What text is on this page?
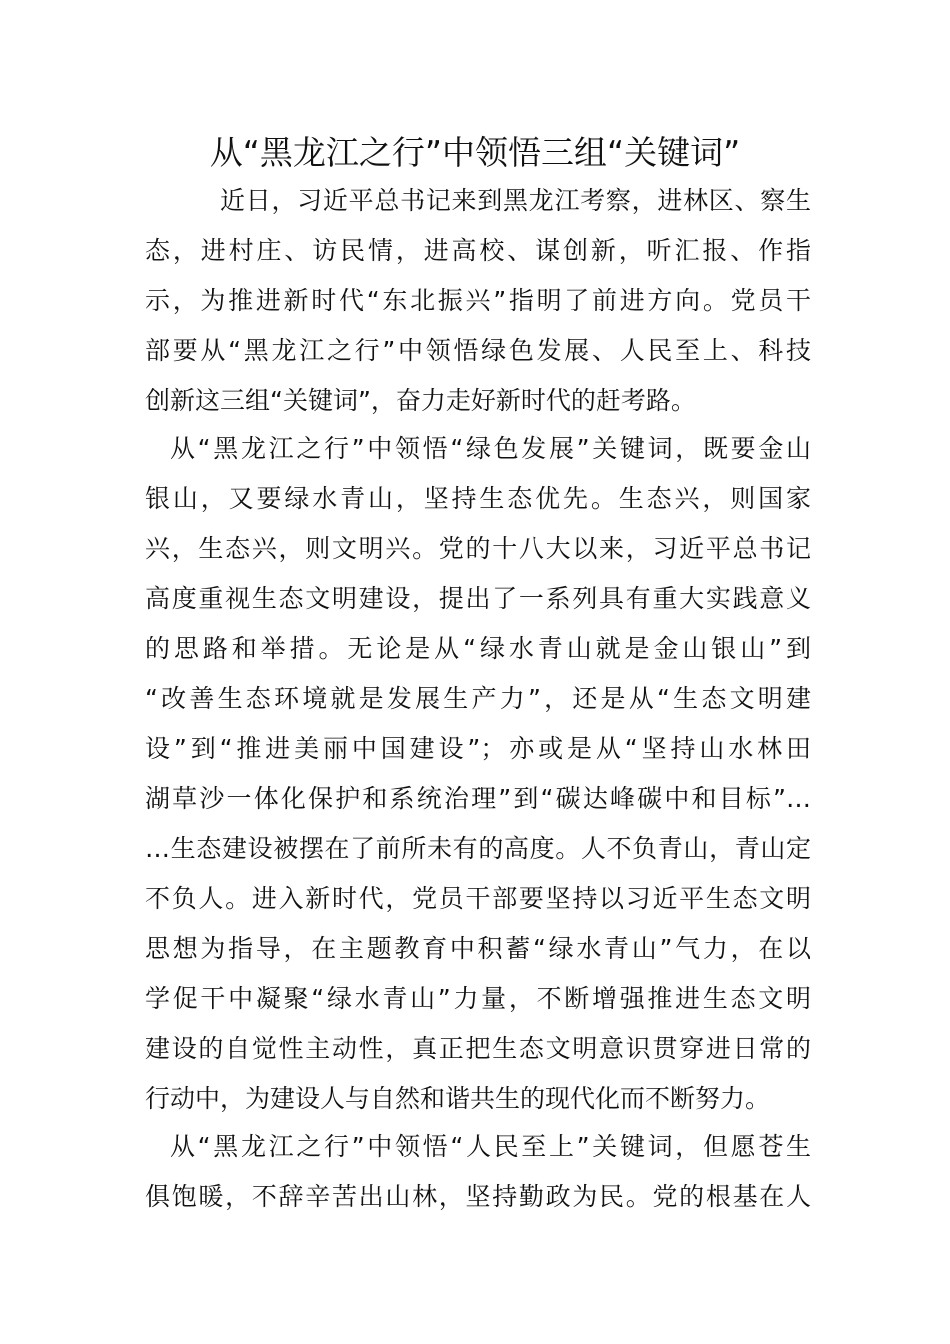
从“黑龙江之行”中领悟三组“关键词”
近日，习近平总书记来到黑龙江考察，进林区、察生
态，进村庄、访民情，进高校、谋创新，听汇报、作指
示，为推进新时代“东北振兴”指明了前进方向。党员干
部要从“黑龙江之行”中领悟绿色发展、人民至上、科技
创新这三组“关键词”，奋力走好新时代的赶考路。
从“黑龙江之行”中领悟“绿色发展”关键词，既要金山
银山，又要绿水青山，坚持生态优先。生态兴，则国家
兴，生态兴，则文明兴。党的十八大以来，习近平总书记
高度重视生态文明建设，提出了一系列具有重大实践意义
的思路和举措。无论是从“绿水青山就是金山银山”到
“改善生态环境就是发展生产力”，还是从“生态文明建
设”到“推进美丽中国建设”；亦或是从“坚持山水林田
湖草沙一体化保护和系统治理”到“碳达峰碳中和目标”…
…生态建设被摆在了前所未有的高度。人不负青山，青山定
不负人。进入新时代，党员干部要坚持以习近平生态文明
思想为指导，在主题教育中积蓄“绿水青山”气力，在以
学促干中凝聚“绿水青山”力量，不断增强推进生态文明
建设的自觉性主动性，真正把生态文明意识贯穿进日常的
行动中，为建设人与自然和谐共生的现代化而不断努力。
从“黑龙江之行”中领悟“人民至上”关键词，但愿苍生
俱饱暖，不辞辛苦出山林，坚持勤政为民。党的根基在人
